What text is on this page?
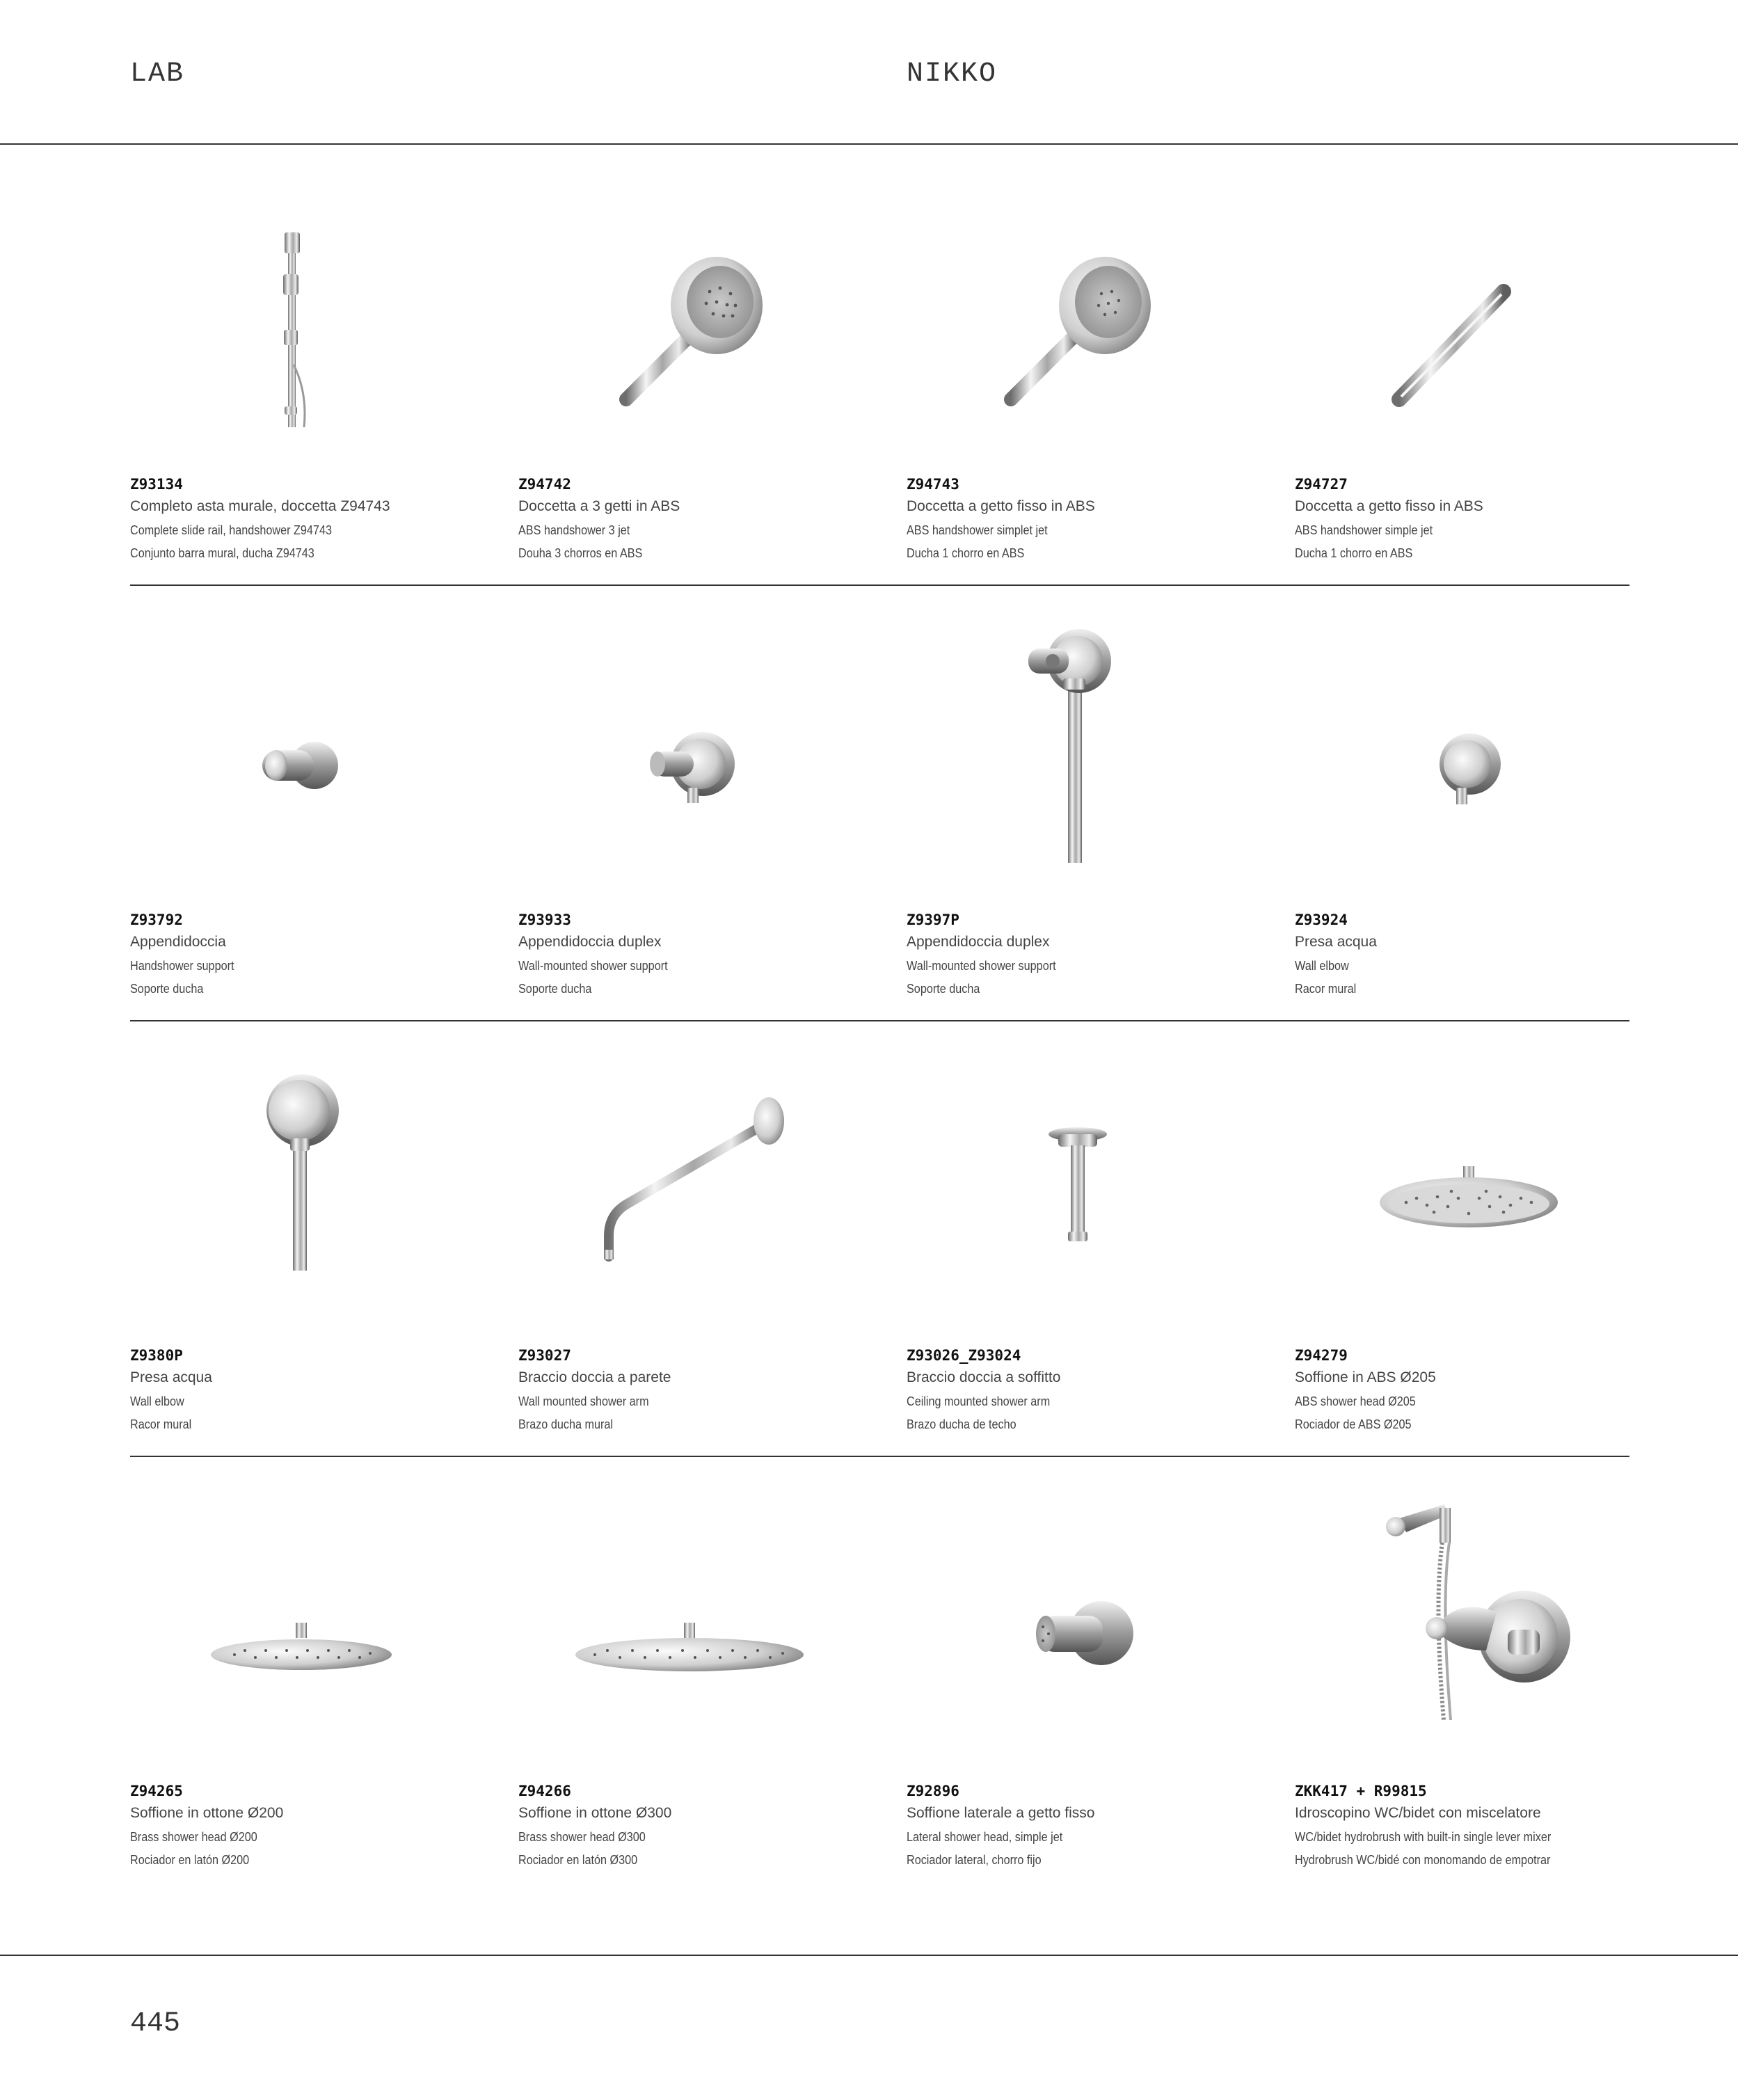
LAB	NIKKO
Z93134
Completo asta murale, doccetta Z94743
Complete slide rail, handshower Z94743
Conjunto barra mural, ducha Z94743
Z94742
Doccetta a 3 getti in ABS
ABS handshower 3 jet
Douha 3 chorros en ABS
Z94743
Doccetta a getto fisso in ABS
ABS handshower simplet jet
Ducha 1 chorro en ABS
Z94727
Doccetta a getto fisso in ABS
ABS handshower simple jet
Ducha 1 chorro en ABS
Z93792
Appendidoccia
Handshower support
Soporte ducha
Z93933
Appendidoccia duplex
Wall-mounted shower support
Soporte ducha
Z9397P
Appendidoccia duplex
Wall-mounted shower support
Soporte ducha
Z93924
Presa acqua
Wall elbow
Racor mural
Z9380P
Presa acqua
Wall elbow
Racor mural
Z93027
Braccio doccia a parete
Wall mounted shower arm
Brazo ducha mural
Z93026_Z93024
Braccio doccia a soffitto
Ceiling mounted shower arm
Brazo ducha de techo
Z94279
Soffione in ABS Ø205
ABS shower head Ø205
Rociador de ABS Ø205
Z94265
Soffione in ottone Ø200
Brass shower head Ø200
Rociador en latón Ø200
Z94266
Soffione in ottone Ø300
Brass shower head Ø300
Rociador en latón Ø300
Z92896
Soffione laterale a getto fisso
Lateral shower head, simple jet
Rociador lateral, chorro fijo
ZKK417 + R99815
Idroscopino WC/bidet con miscelatore
WC/bidet hydrobrush with built-in single lever mixer
Hydrobrush WC/bidé con monomando de empotrar
445
